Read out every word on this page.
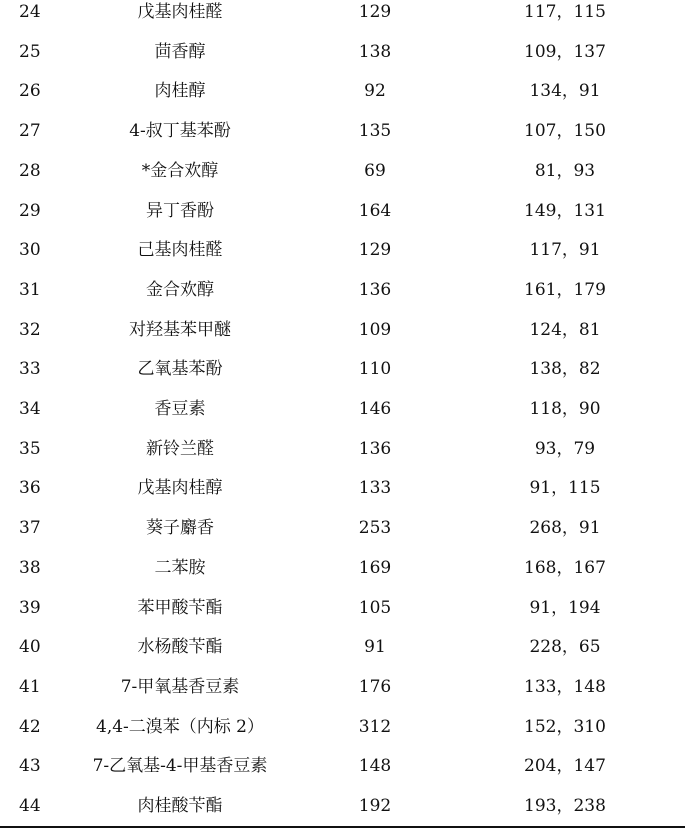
24	戊基肉桂醛	129	117，115
25	茴香醇	138	109，137
26	肉桂醇	92	134，91
27	4-叔丁基苯酚	135	107，150
28	*金合欢醇	69	81，93
29	异丁香酚	164	149，131
30	己基肉桂醛	129	117，91
31	金合欢醇	136	161，179
32	对羟基苯甲醚	109	124，81
33	乙氧基苯酚	110	138，82
34	香豆素	146	118，90
35	新铃兰醛	136	93，79
36	戊基肉桂醇	133	91，115
37	葵子麝香	253	268，91
38	二苯胺	169	168，167
39	苯甲酸苄酯	105	91，194
40	水杨酸苄酯	91	228，65
41	7-甲氧基香豆素	176	133，148
42	4,4-二溴苯（内标 2）	312	152，310
43	7-乙氧基-4-甲基香豆素	148	204，147
44	肉桂酸苄酯	192	193，238
